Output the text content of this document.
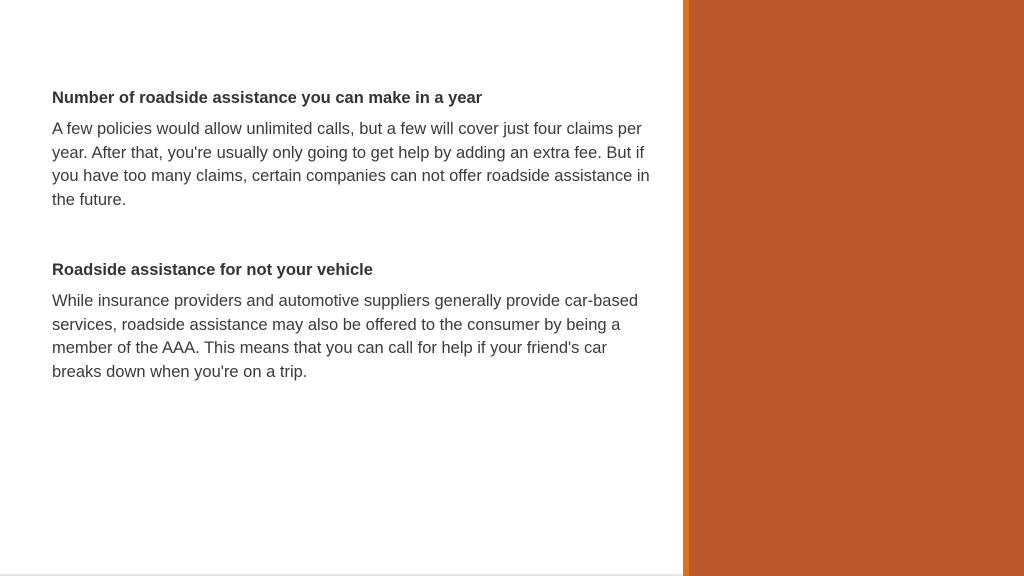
Number of roadside assistance you can make in a year

A few policies would allow unlimited calls, but a few will cover just four claims per year. After that, you're usually only going to get help by adding an extra fee. But if you have too many claims, certain companies can not offer roadside assistance in the future.

Roadside assistance for not your vehicle

While insurance providers and automotive suppliers generally provide car-based services, roadside assistance may also be offered to the consumer by being a member of the AAA. This means that you can call for help if your friend's car breaks down when you're on a trip.
